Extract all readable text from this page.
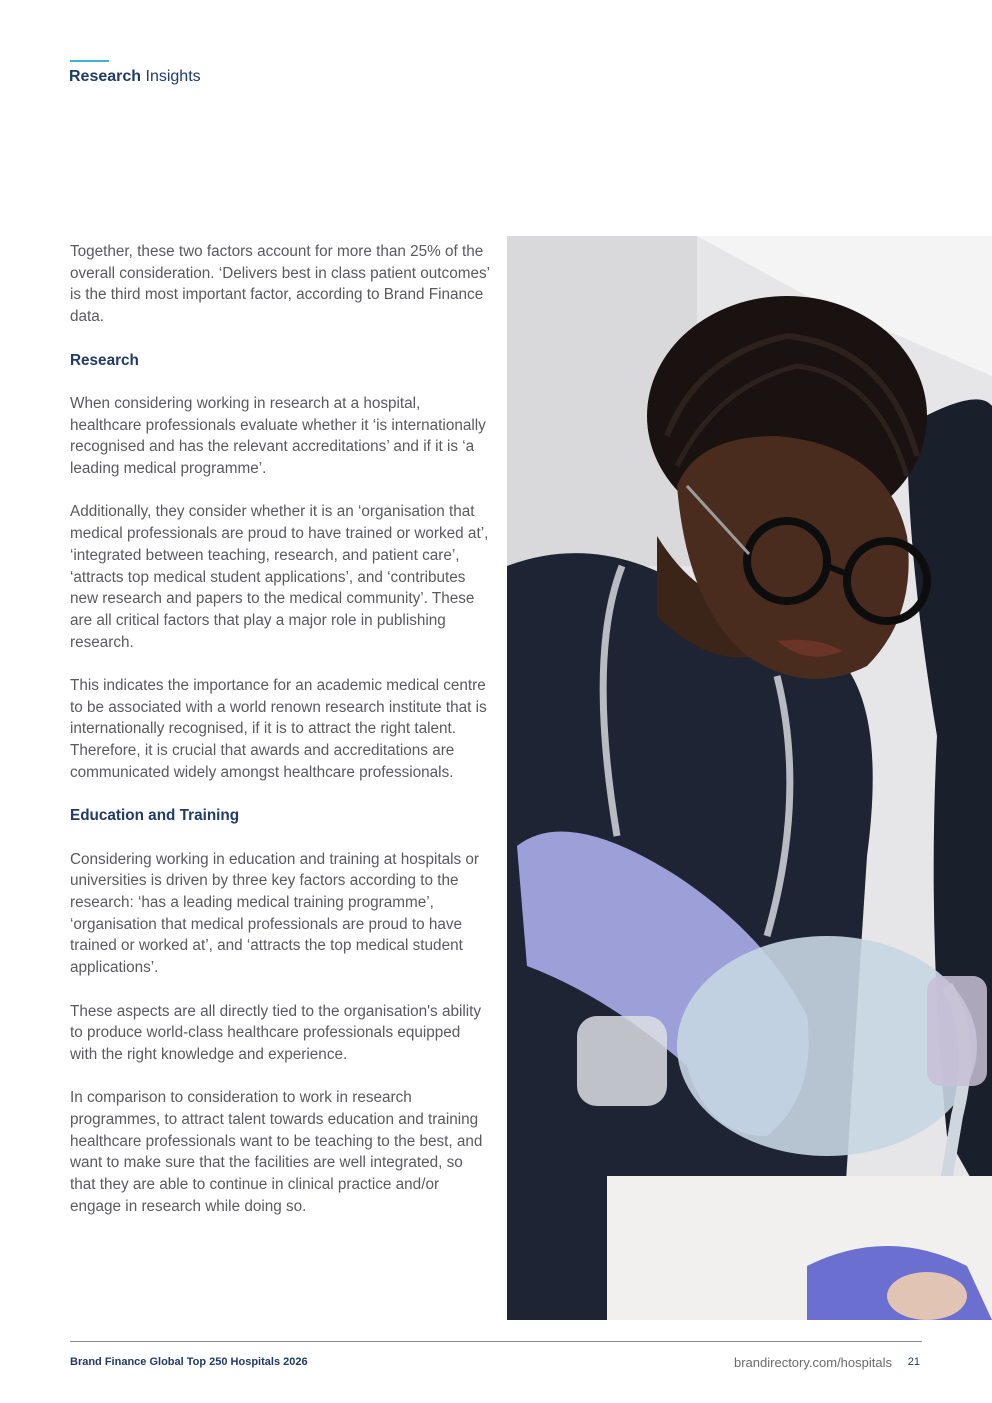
Research Insights

Together, these two factors account for more than 25% of the overall consideration. ‘Delivers best in class patient outcomes’ is the third most important factor, according to Brand Finance data.

Research

When considering working in research at a hospital, healthcare professionals evaluate whether it ‘is internationally recognised and has the relevant accreditations’ and if it is ‘a leading medical programme’.

Additionally, they consider whether it is an ‘organisation that medical professionals are proud to have trained or worked at’, ‘integrated between teaching, research, and patient care’, ‘attracts top medical student applications’, and ‘contributes new research and papers to the medical community’. These are all critical factors that play a major role in publishing research.

This indicates the importance for an academic medical centre to be associated with a world renown research institute that is internationally recognised, if it is to attract the right talent. Therefore, it is crucial that awards and accreditations are communicated widely amongst healthcare professionals.

Education and Training

Considering working in education and training at hospitals or universities is driven by three key factors according to the research: ‘has a leading medical training programme’, ‘organisation that medical professionals are proud to have trained or worked at’, and ‘attracts the top medical student applications’.

These aspects are all directly tied to the organisation's ability to produce world-class healthcare professionals equipped with the right knowledge and experience.

In comparison to consideration to work in research programmes, to attract talent towards education and training healthcare professionals want to be teaching to the best, and want to make sure that the facilities are well integrated, so that they are able to continue in clinical practice and/or engage in research while doing so.

Brand Finance Global Top 250 Hospitals 2026	brandirectory.com/hospitals 21
